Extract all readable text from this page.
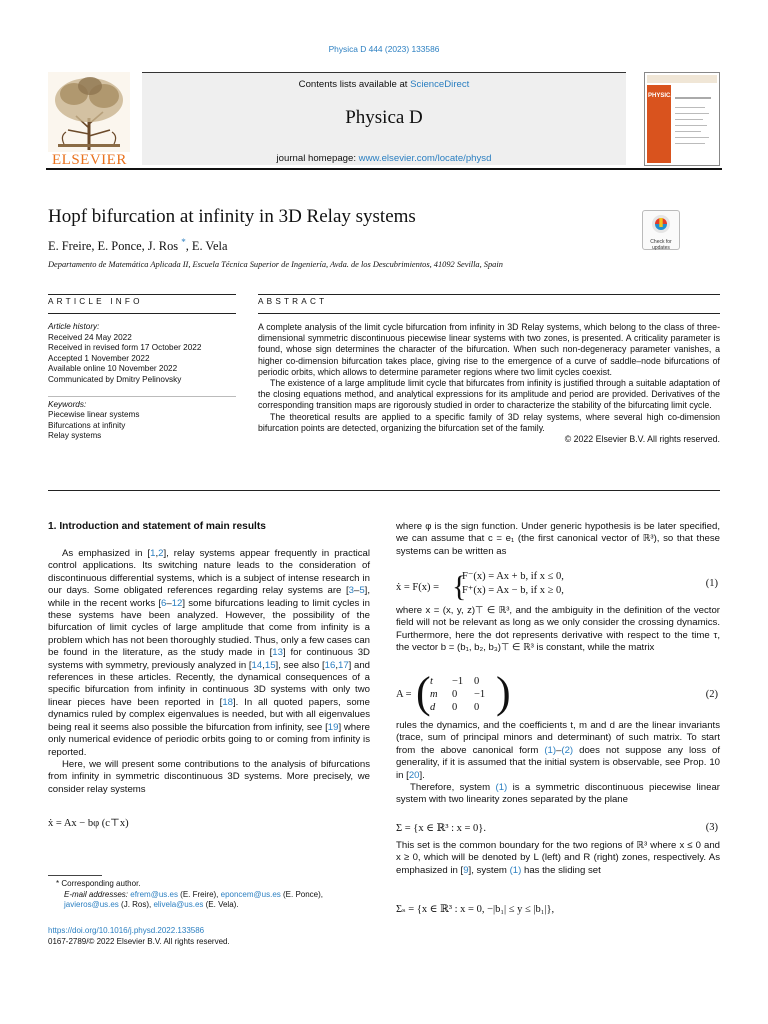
Physica D 444 (2023) 133586
ELSEVIER
Contents lists available at ScienceDirect
Physica D
journal homepage: www.elsevier.com/locate/physd
PHYSICA
Hopf bifurcation at infinity in 3D Relay systems
E. Freire, E. Ponce, J. Ros *, E. Vela
Departamento de Matemática Aplicada II, Escuela Técnica Superior de Ingeniería, Avda. de los Descubrimientos, 41092 Sevilla, Spain
Check for updates
ARTICLE INFO	ABSTRACT
Article history:
Received 24 May 2022
Received in revised form 17 October 2022
Accepted 1 November 2022
Available online 10 November 2022
Communicated by Dmitry Pelinovsky
Keywords:
Piecewise linear systems
Bifurcations at infinity
Relay systems

A complete analysis of the limit cycle bifurcation from infinity in 3D Relay systems, which belong to the class of three-dimensional symmetric discontinuous piecewise linear systems with two zones, is presented. A criticality parameter is found, whose sign determines the character of the bifurcation. When such non-degeneracy parameter vanishes, a higher co-dimension bifurcation takes place, giving rise to the emergence of a curve of saddle–node bifurcations of periodic orbits, which allows to determine parameter regions where two limit cycles coexist.

The existence of a large amplitude limit cycle that bifurcates from infinity is justified through a suitable adaptation of the closing equations method, and analytical expressions for its amplitude and period are provided. Derivatives of the corresponding transition maps are rigorously studied in order to characterize the stability of the bifurcating limit cycle.

The theoretical results are applied to a specific family of 3D relay systems, where several high co-dimension bifurcation points are detected, organizing the bifurcation set of the family.

© 2022 Elsevier B.V. All rights reserved.
1. Introduction and statement of main results

As emphasized in [1,2], relay systems appear frequently in practical control applications. Its switching nature leads to the consideration of discontinuous differential systems, which is a subject of intense research in our days. Some obligated references regarding relay systems are [3–5], while in the recent works [6–12] some bifurcations leading to limit cycles in these systems have been analyzed. However, the possibility of the bifurcation of limit cycles of large amplitude that come from infinity is a problem which has not been thoroughly studied. Thus, only a few cases can be found in the literature, as the study made in [13] for continuous 3D systems with symmetry, previously analyzed in [14,15], see also [16,17] and references in these articles. Recently, the dynamical consequences of a specific bifurcation from infinity in continuous 3D systems with only two linear pieces have been reported in [18]. In all quoted papers, some dynamics ruled by complex eigenvalues is needed, but with all eigenvalues being real it seems also possible the bifurcation from infinity, see [19] where only numerical evidence of periodic orbits going to or coming from infinity is reported.

Here, we will present some contributions to the analysis of bifurcations from infinity in symmetric discontinuous 3D systems. More precisely, we consider relay systems

ẋ = Ax − bφ (c⊤x)
* Corresponding author.
E-mail addresses: efrem@us.es (E. Freire), eponcem@us.es (E. Ponce),
javieros@us.es (J. Ros), elivela@us.es (E. Vela).
https://doi.org/10.1016/j.physd.2022.133586
0167-2789/© 2022 Elsevier B.V. All rights reserved.
where φ is the sign function. Under generic hypothesis is be later specified, we can assume that c = e₁ (the first canonical vector of ℝ³), so that these systems can be written as
ẋ = F(x) = {
F⁻(x) = Ax + b, if x ≤ 0,
F⁺(x) = Ax − b, if x ≥ 0,
(1)
where x = (x, y, z)⊤ ∈ ℝ³, and the ambiguity in the definition of the vector field will not be relevant as long as we only consider the crossing dynamics. Furthermore, here the dot represents derivative with respect to the time τ, the vector b = (b₁, b₂, b₃)⊤ ∈ ℝ³ is constant, while the matrix
A = ( t −1 0
m 0 −1
d 0 0 )	(2)
rules the dynamics, and the coefficients t, m and d are the linear invariants (trace, sum of principal minors and determinant) of such matrix. To start from the above canonical form (1)–(2) does not suppose any loss of generality, if it is assumed that the initial system is observable, see Prop. 10 in [20].
Therefore, system (1) is a symmetric discontinuous piecewise linear system with two linearity zones separated by the plane
Σ = {x ∈ ℝ³ : x = 0}.	(3)
This set is the common boundary for the two regions of ℝ³ where x ≤ 0 and x ≥ 0, which will be denoted by L (left) and R (right) zones, respectively. As emphasized in [9], system (1) has the sliding set
Σₛ = {x ∈ ℝ³ : x = 0, −|b₁| ≤ y ≤ |b₁|},
